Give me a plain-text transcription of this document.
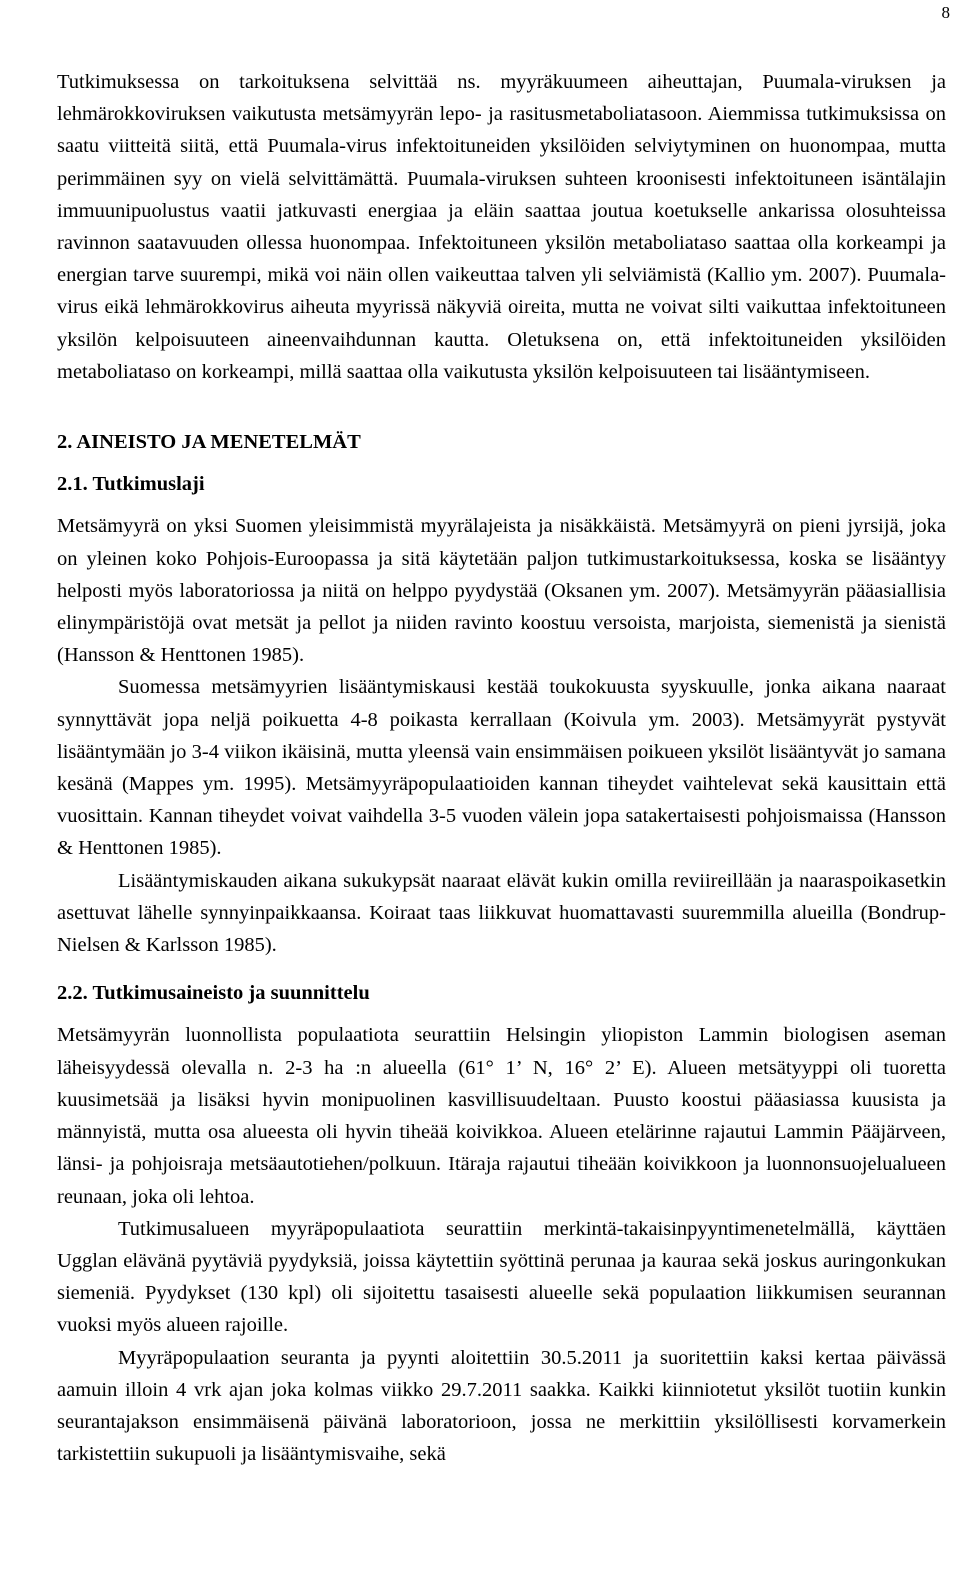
8

Tutkimuksessa on tarkoituksena selvittää ns. myyräkuumeen aiheuttajan, Puumala-viruksen ja lehmärokkoviruksen vaikutusta metsämyyrän lepo- ja rasitusmetaboliatasoon. Aiemmissa tutkimuksissa on saatu viitteitä siitä, että Puumala-virus infektoituneiden yksilöiden selviytyminen on huonompaa, mutta perimmäinen syy on vielä selvittämättä. Puumala-viruksen suhteen kroonisesti infektoituneen isäntälajin immuunipuolustus vaatii jatkuvasti energiaa ja eläin saattaa joutua koetukselle ankarissa olosuhteissa ravinnon saatavuuden ollessa huonompaa. Infektoituneen yksilön metaboliataso saattaa olla korkeampi ja energian tarve suurempi, mikä voi näin ollen vaikeuttaa talven yli selviämistä (Kallio ym. 2007). Puumala-virus eikä lehmärokkovirus aiheuta myyrissä näkyviä oireita, mutta ne voivat silti vaikuttaa infektoituneen yksilön kelpoisuuteen aineenvaihdunnan kautta. Oletuksena on, että infektoituneiden yksilöiden metaboliataso on korkeampi, millä saattaa olla vaikutusta yksilön kelpoisuuteen tai lisääntymiseen.

2. AINEISTO JA MENETELMÄT
2.1. Tutkimuslaji

Metsämyyrä on yksi Suomen yleisimmistä myyrälajeista ja nisäkkäistä. Metsämyyrä on pieni jyrsijä, joka on yleinen koko Pohjois-Euroopassa ja sitä käytetään paljon tutkimustarkoituksessa, koska se lisääntyy helposti myös laboratoriossa ja niitä on helppo pyydystää (Oksanen ym. 2007). Metsämyyrän pääasiallisia elinympäristöjä ovat metsät ja pellot ja niiden ravinto koostuu versoista, marjoista, siemenistä ja sienistä (Hansson & Henttonen 1985).

Suomessa metsämyyrien lisääntymiskausi kestää toukokuusta syyskuulle, jonka aikana naaraat synnyttävät jopa neljä poikuetta 4-8 poikasta kerrallaan (Koivula ym. 2003). Metsämyyrät pystyvät lisääntymään jo 3-4 viikon ikäisinä, mutta yleensä vain ensimmäisen poikueen yksilöt lisääntyvät jo samana kesänä (Mappes ym. 1995). Metsämyyräpopulaatioiden kannan tiheydet vaihtelevat sekä kausittain että vuosittain. Kannan tiheydet voivat vaihdella 3-5 vuoden välein jopa satakertaisesti pohjoismaissa (Hansson & Henttonen 1985).

Lisääntymiskauden aikana sukukypsät naaraat elävät kukin omilla reviireillään ja naaraspoikasetkin asettuvat lähelle synnyinpaikkaansa. Koiraat taas liikkuvat huomattavasti suuremmilla alueilla (Bondrup-Nielsen & Karlsson 1985).

2.2. Tutkimusaineisto ja suunnittelu

Metsämyyrän luonnollista populaatiota seurattiin Helsingin yliopiston Lammin biologisen aseman läheisyydessä olevalla n. 2-3 ha :n alueella (61° 1’ N, 16° 2’ E). Alueen metsätyyppi oli tuoretta kuusimetsää ja lisäksi hyvin monipuolinen kasvillisuudeltaan. Puusto koostui pääasiassa kuusista ja männyistä, mutta osa alueesta oli hyvin tiheää koivikkoa. Alueen etelärinne rajautui Lammin Pääjärveen, länsi- ja pohjoisraja metsäautotiehen/polkuun. Itäraja rajautui tiheään koivikkoon ja luonnonsuojelualueen reunaan, joka oli lehtoa.

Tutkimusalueen myyräpopulaatiota seurattiin merkintä-takaisinpyyntimenetelmällä, käyttäen Ugglan elävänä pyytäviä pyydyksiä, joissa käytettiin syöttinä perunaa ja kauraa sekä joskus auringonkukan siemeniä. Pyydykset (130 kpl) oli sijoitettu tasaisesti alueelle sekä populaation liikkumisen seurannan vuoksi myös alueen rajoille.

Myyräpopulaation seuranta ja pyynti aloitettiin 30.5.2011 ja suoritettiin kaksi kertaa päivässä aamuin illoin 4 vrk ajan joka kolmas viikko 29.7.2011 saakka. Kaikki kiinniotetut yksilöt tuotiin kunkin seurantajakson ensimmäisenä päivänä laboratorioon, jossa ne merkittiin yksilöllisesti korvamerkein tarkistettiin sukupuoli ja lisääntymisvaihe, sekä
